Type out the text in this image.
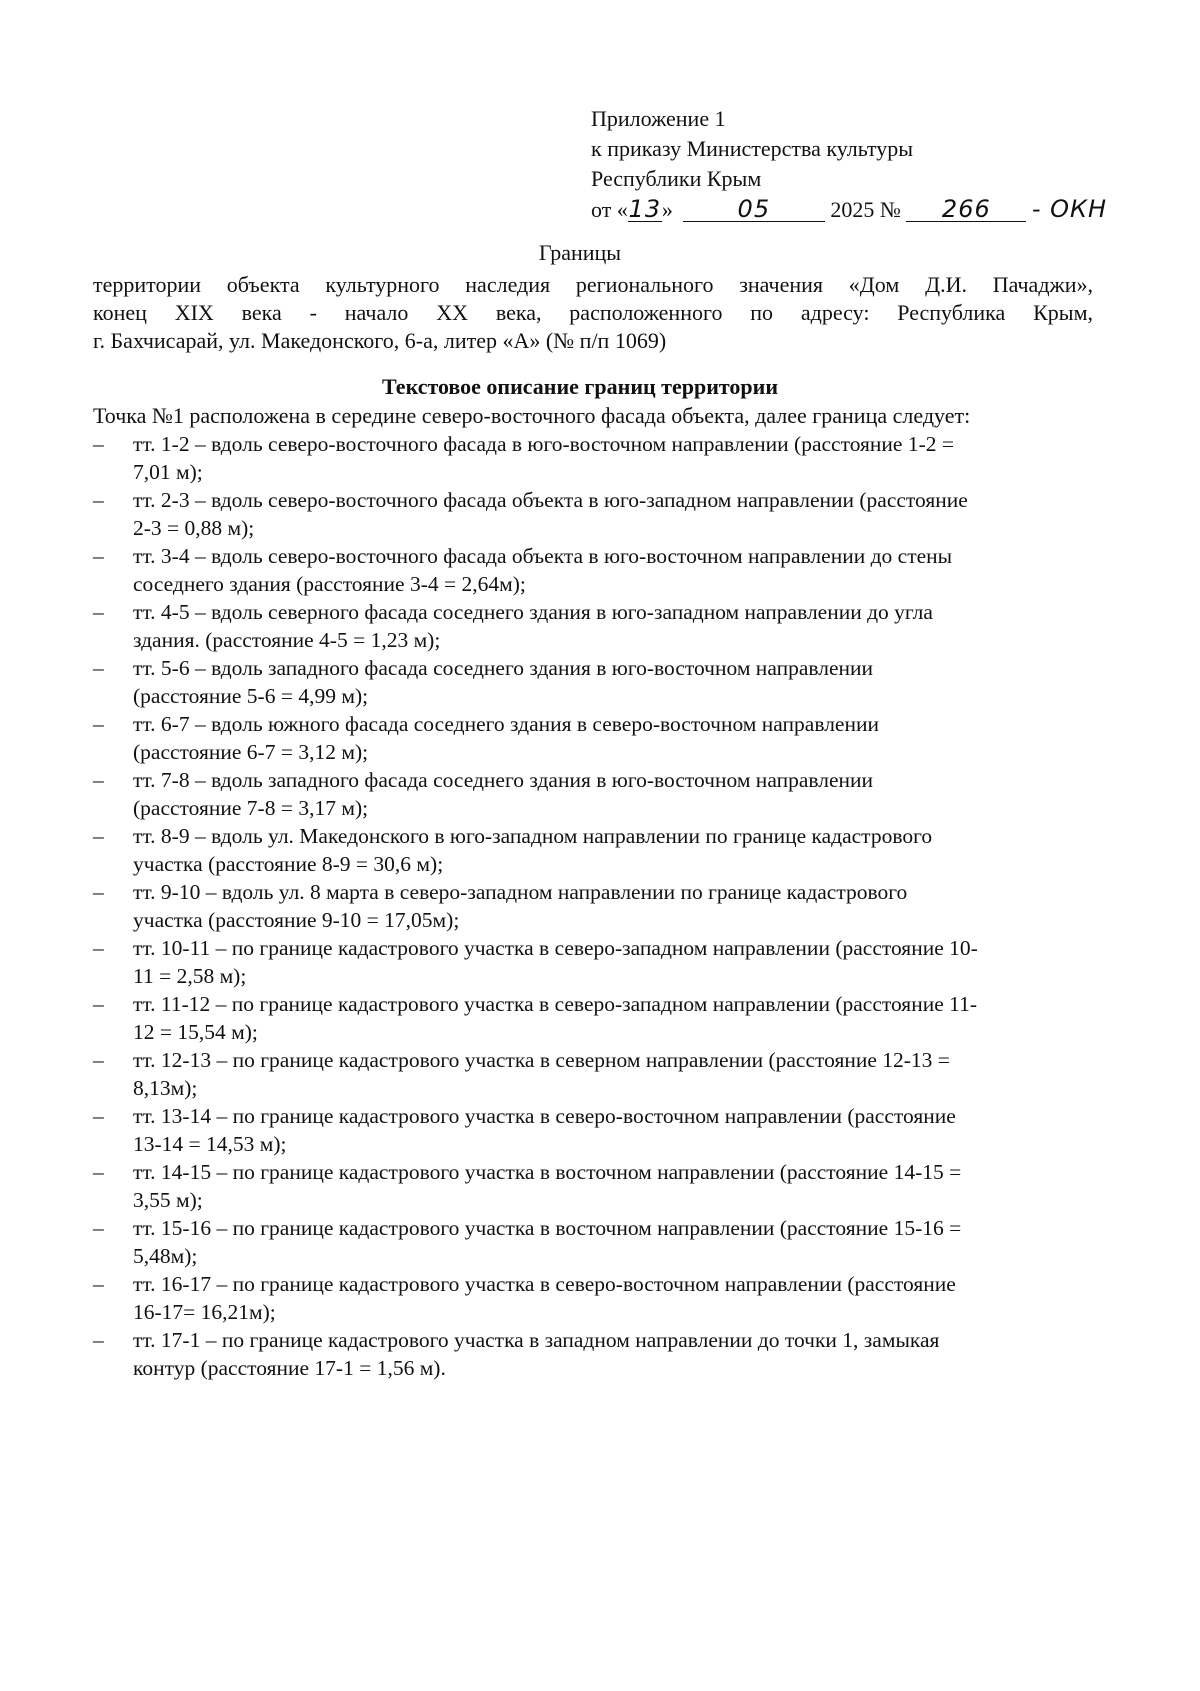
Приложение 1
к приказу Министерства культуры
Республики Крым
от «13»	05	2025 № 266 - ОКН
Границы
территории объекта культурного наследия регионального значения «Дом Д.И. Пачаджи»,
конец XIX века - начало XX века, расположенного по адресу: Республика Крым,
г. Бахчисарай, ул. Македонского, 6-а, литер «А» (№ п/п 1069)
Текстовое описание границ территории
Точка №1 расположена в середине северо-восточного фасада объекта, далее граница следует:
– тт. 1-2 – вдоль северо-восточного фасада в юго-восточном направлении (расстояние 1-2 =
7,01 м);
– тт. 2-3 – вдоль северо-восточного фасада объекта в юго-западном направлении (расстояние
2-3 = 0,88 м);
– тт. 3-4 – вдоль северо-восточного фасада объекта в юго-восточном направлении до стены
соседнего здания (расстояние 3-4 = 2,64м);
– тт. 4-5 – вдоль северного фасада соседнего здания в юго-западном направлении до угла
здания. (расстояние 4-5 = 1,23 м);
– тт. 5-6 – вдоль западного фасада соседнего здания в юго-восточном направлении
(расстояние 5-6 = 4,99 м);
– тт. 6-7 – вдоль южного фасада соседнего здания в северо-восточном направлении
(расстояние 6-7 = 3,12 м);
– тт. 7-8 – вдоль западного фасада соседнего здания в юго-восточном направлении
(расстояние 7-8 = 3,17 м);
– тт. 8-9 – вдоль ул. Македонского в юго-западном направлении по границе кадастрового
участка (расстояние 8-9 = 30,6 м);
– тт. 9-10 – вдоль ул. 8 марта в северо-западном направлении по границе кадастрового
участка (расстояние 9-10 = 17,05м);
– тт. 10-11 – по границе кадастрового участка в северо-западном направлении (расстояние 10-
11 = 2,58 м);
– тт. 11-12 – по границе кадастрового участка в северо-западном направлении (расстояние 11-
12 = 15,54 м);
– тт. 12-13 – по границе кадастрового участка в северном направлении (расстояние 12-13 =
8,13м);
– тт. 13-14 – по границе кадастрового участка в северо-восточном направлении (расстояние
13-14 = 14,53 м);
– тт. 14-15 – по границе кадастрового участка в восточном направлении (расстояние 14-15 =
3,55 м);
– тт. 15-16 – по границе кадастрового участка в восточном направлении (расстояние 15-16 =
5,48м);
– тт. 16-17 – по границе кадастрового участка в северо-восточном направлении (расстояние
16-17= 16,21м);
– тт. 17-1 – по границе кадастрового участка в западном направлении до точки 1, замыкая
контур (расстояние 17-1 = 1,56 м).
